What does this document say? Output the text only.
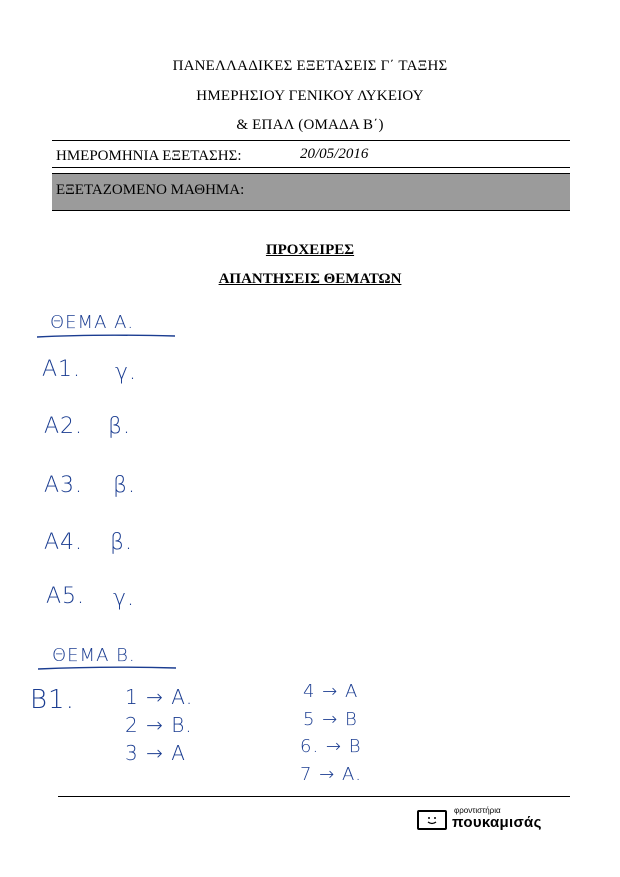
ΠΑΝΕΛΛΑΔΙΚΕΣ ΕΞΕΤΑΣΕΙΣ Γ΄ ΤΑΞΗΣ
ΗΜΕΡΗΣΙΟΥ ΓΕΝΙΚΟΥ ΛΥΚΕΙΟΥ
& ΕΠΑΛ (ΟΜΑΔΑ Β΄)
ΗΜΕΡΟΜΗΝΙΑ ΕΞΕΤΑΣΗΣ:	20/05/2016
ΕΞΕΤΑΖΟΜΕΝΟ ΜΑΘΗΜΑ:
ΠΡΟΧΕΙΡΕΣ
ΑΠΑΝΤΗΣΕΙΣ ΘΕΜΑΤΩΝ
ΘΕΜΑ Α.
Α1. γ.
Α2. β.
Α3. β.
Α4. β.
Α5. γ.
ΘΕΜΑ Β.
Β1.	1 → Α.
2 → Β.
3 → Α
4 → Α
5 → Β
6. → Β
7 → Α.
φροντιστήρια
πουκαμισάς
